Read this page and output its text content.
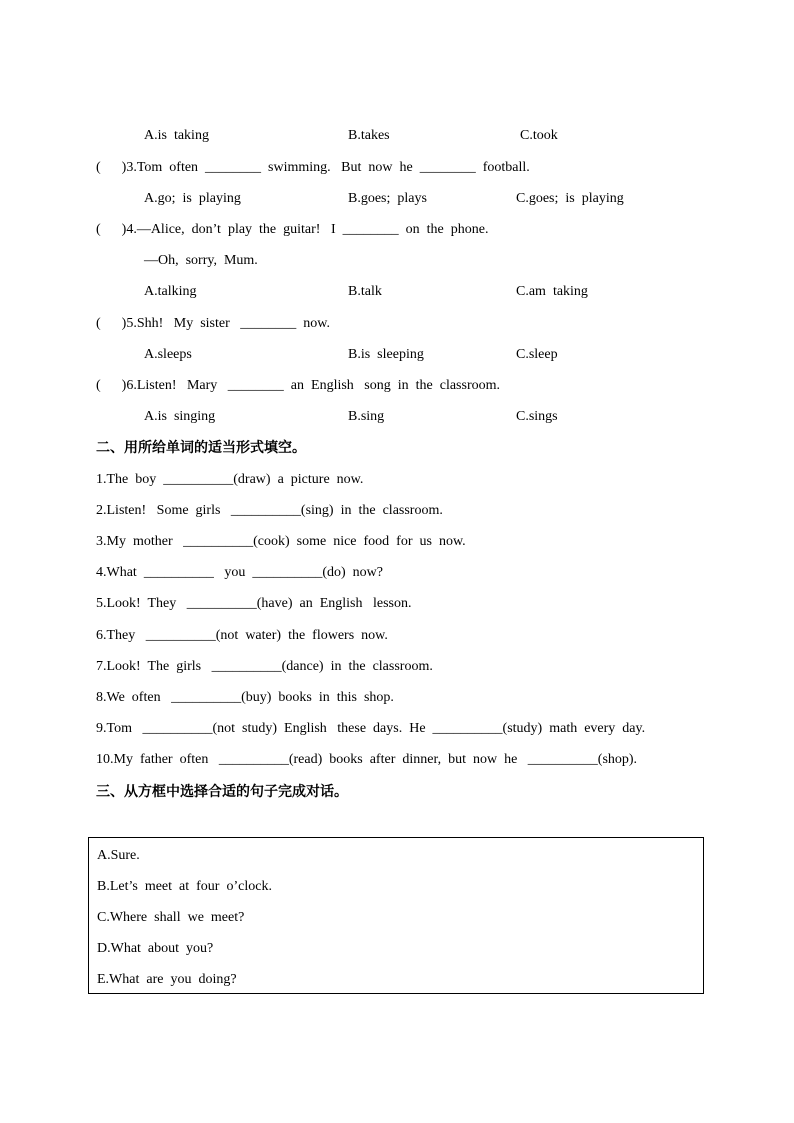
A.is  taking	B.takes	C.took
(      )3.Tom  often  ________  swimming.   But  now  he  ________  football.
A.go;  is  playing	B.goes;  plays	C.goes;  is  playing
(      )4.—Alice,  don’t  play  the  guitar!   I  ________  on  the  phone.
—Oh,  sorry,  Mum.
A.talking	B.talk	C.am  taking
(      )5.Shh!   My  sister   ________  now.
A.sleeps	B.is  sleeping	C.sleep
(      )6.Listen!   Mary   ________  an  English   song  in  the  classroom.
A.is  singing	B.sing	C.sings
二、用所给单词的适当形式填空。
1.The  boy  __________(draw)  a  picture  now.
2.Listen!   Some  girls   __________(sing)  in  the  classroom.
3.My  mother   __________(cook)  some  nice  food  for  us  now.
4.What  __________   you  __________(do)  now?
5.Look!  They   __________(have)  an  English   lesson.
6.They   __________(not  water)  the  flowers  now.
7.Look!  The  girls   __________(dance)  in  the  classroom.
8.We  often   __________(buy)  books  in  this  shop.
9.Tom   __________(not  study)  English   these  days.  He  __________(study)  math  every  day.
10.My  father  often   __________(read)  books  after  dinner,  but  now  he   __________(shop).
三、从方框中选择合适的句子完成对话。
A.Sure.
B.Let’s  meet  at  four  o’clock.
C.Where  shall  we  meet?
D.What  about  you?
E.What  are  you  doing?
